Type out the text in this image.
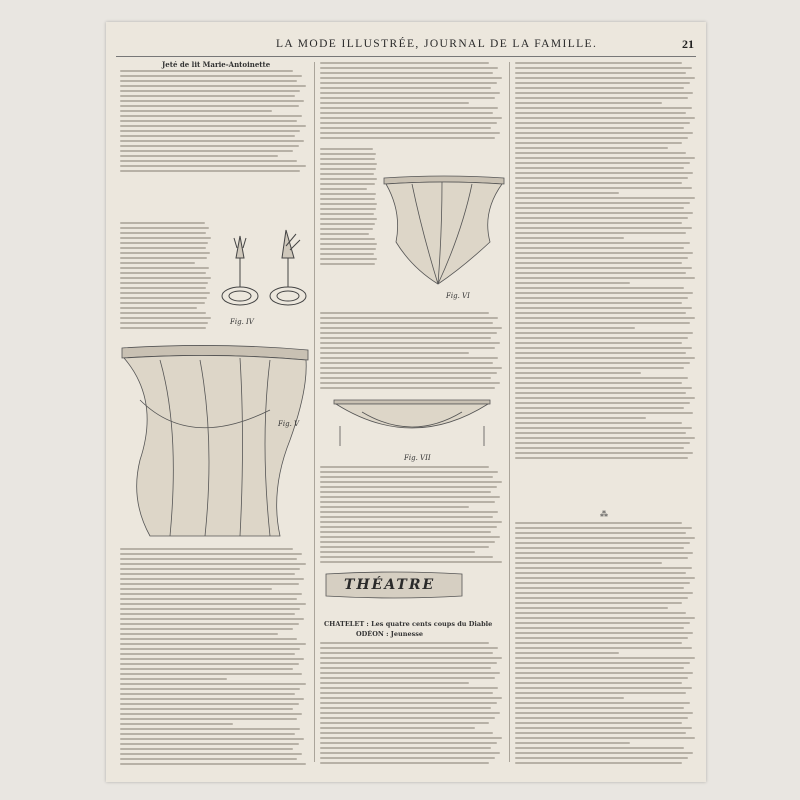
LA MODE ILLUSTRÉE, JOURNAL DE LA FAMILLE.	21
Jeté de lit Marie-Antoinette
Fig. IV
Fig. V
Fig. VI
Fig. VII
THÉATRE
CHATELET : Les quatre cents coups du Diable
ODÉON : Jeunesse
⁂
